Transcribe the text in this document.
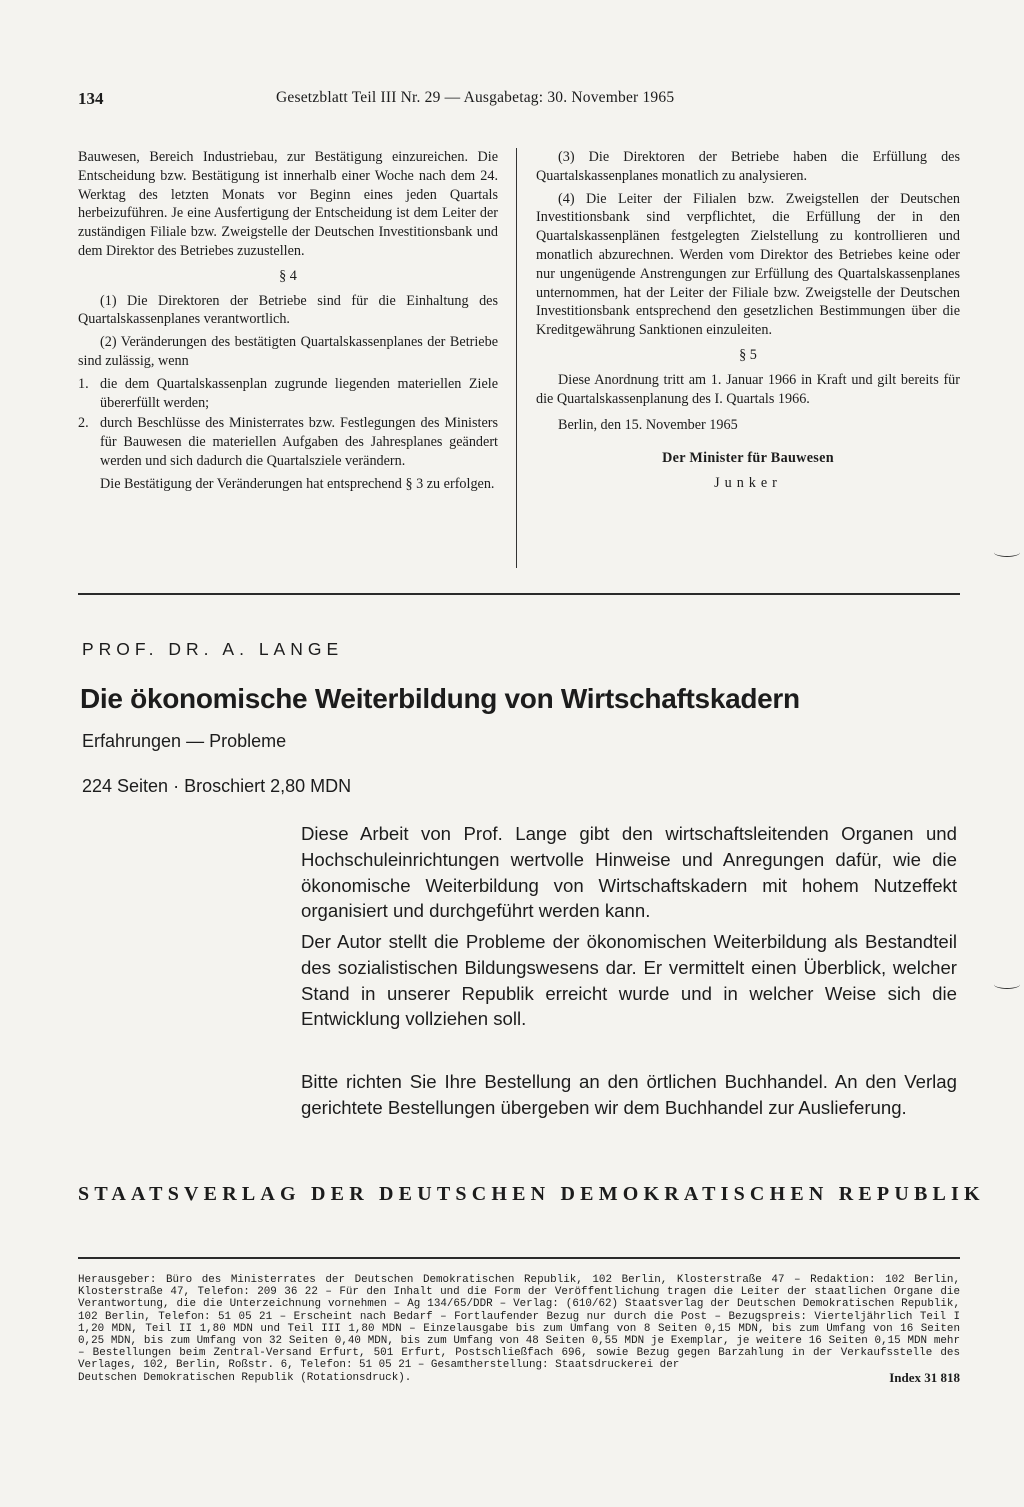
134	Gesetzblatt Teil III Nr. 29 — Ausgabetag: 30. November 1965

Bauwesen, Bereich Industriebau, zur Bestätigung einzureichen. Die Entscheidung bzw. Bestätigung ist innerhalb einer Woche nach dem 24. Werktag des letzten Monats vor Beginn eines jeden Quartals herbeizuführen. Je eine Ausfertigung der Entscheidung ist dem Leiter der zuständigen Filiale bzw. Zweigstelle der Deutschen Investitionsbank und dem Direktor des Betriebes zuzustellen.

§ 4

(1) Die Direktoren der Betriebe sind für die Einhaltung des Quartalskassenplanes verantwortlich.

(2) Veränderungen des bestätigten Quartalskassenplanes der Betriebe sind zulässig, wenn

1. die dem Quartalskassenplan zugrunde liegenden materiellen Ziele übererfüllt werden;
2. durch Beschlüsse des Ministerrates bzw. Festlegungen des Ministers für Bauwesen die materiellen Aufgaben des Jahresplanes geändert werden und sich dadurch die Quartalsziele verändern.

Die Bestätigung der Veränderungen hat entsprechend § 3 zu erfolgen.

(3) Die Direktoren der Betriebe haben die Erfüllung des Quartalskassenplanes monatlich zu analysieren.

(4) Die Leiter der Filialen bzw. Zweigstellen der Deutschen Investitionsbank sind verpflichtet, die Erfüllung der in den Quartalskassenplänen festgelegten Zielstellung zu kontrollieren und monatlich abzurechnen. Werden vom Direktor des Betriebes keine oder nur ungenügende Anstrengungen zur Erfüllung des Quartalskassenplanes unternommen, hat der Leiter der Filiale bzw. Zweigstelle der Deutschen Investitionsbank entsprechend den gesetzlichen Bestimmungen über die Kreditgewährung Sanktionen einzuleiten.

§ 5

Diese Anordnung tritt am 1. Januar 1966 in Kraft und gilt bereits für die Quartalskassenplanung des I. Quartals 1966.

Berlin, den 15. November 1965

Der Minister für Bauwesen

Junker

PROF. DR. A. LANGE
Die ökonomische Weiterbildung von Wirtschaftskadern
Erfahrungen — Probleme
224 Seiten · Broschiert 2,80 MDN

Diese Arbeit von Prof. Lange gibt den wirtschaftsleitenden Organen und Hochschuleinrichtungen wertvolle Hinweise und Anregungen dafür, wie die ökonomische Weiterbildung von Wirtschaftskadern mit hohem Nutzeffekt organisiert und durchgeführt werden kann.

Der Autor stellt die Probleme der ökonomischen Weiterbildung als Bestandteil des sozialistischen Bildungswesens dar. Er vermittelt einen Überblick, welcher Stand in unserer Republik erreicht wurde und in welcher Weise sich die Entwicklung vollziehen soll.

Bitte richten Sie Ihre Bestellung an den örtlichen Buchhandel. An den Verlag gerichtete Bestellungen übergeben wir dem Buchhandel zur Auslieferung.

STAATSVERLAG DER DEUTSCHEN DEMOKRATISCHEN REPUBLIK
Herausgeber: Büro des Ministerrates der Deutschen Demokratischen Republik, 102 Berlin, Klosterstraße 47 – Redaktion: 102 Berlin, Klosterstraße 47, Telefon: 209 36 22 – Für den Inhalt und die Form der Veröffentlichung tragen die Leiter der staatlichen Organe die Verantwortung, die die Unterzeichnung vornehmen – Ag 134/65/DDR – Verlag: (610/62) Staatsverlag der Deutschen Demokratischen Republik, 102 Berlin, Telefon: 51 05 21 – Erscheint nach Bedarf – Fortlaufender Bezug nur durch die Post – Bezugspreis: Vierteljährlich Teil I 1,20 MDN, Teil II 1,80 MDN und Teil III 1,80 MDN – Einzelausgabe bis zum Umfang von 8 Seiten 0,15 MDN, bis zum Umfang von 16 Seiten 0,25 MDN, bis zum Umfang von 32 Seiten 0,40 MDN, bis zum Umfang von 48 Seiten 0,55 MDN je Exemplar, je weitere 16 Seiten 0,15 MDN mehr – Bestellungen beim Zentral-Versand Erfurt, 501 Erfurt, Postschließfach 696, sowie Bezug gegen Barzahlung in der Verkaufsstelle des Verlages, 102, Berlin, Roßstr. 6, Telefon: 51 05 21 – Gesamtherstellung: Staatsdruckerei der
Deutschen Demokratischen Republik (Rotationsdruck).	Index 31 818
